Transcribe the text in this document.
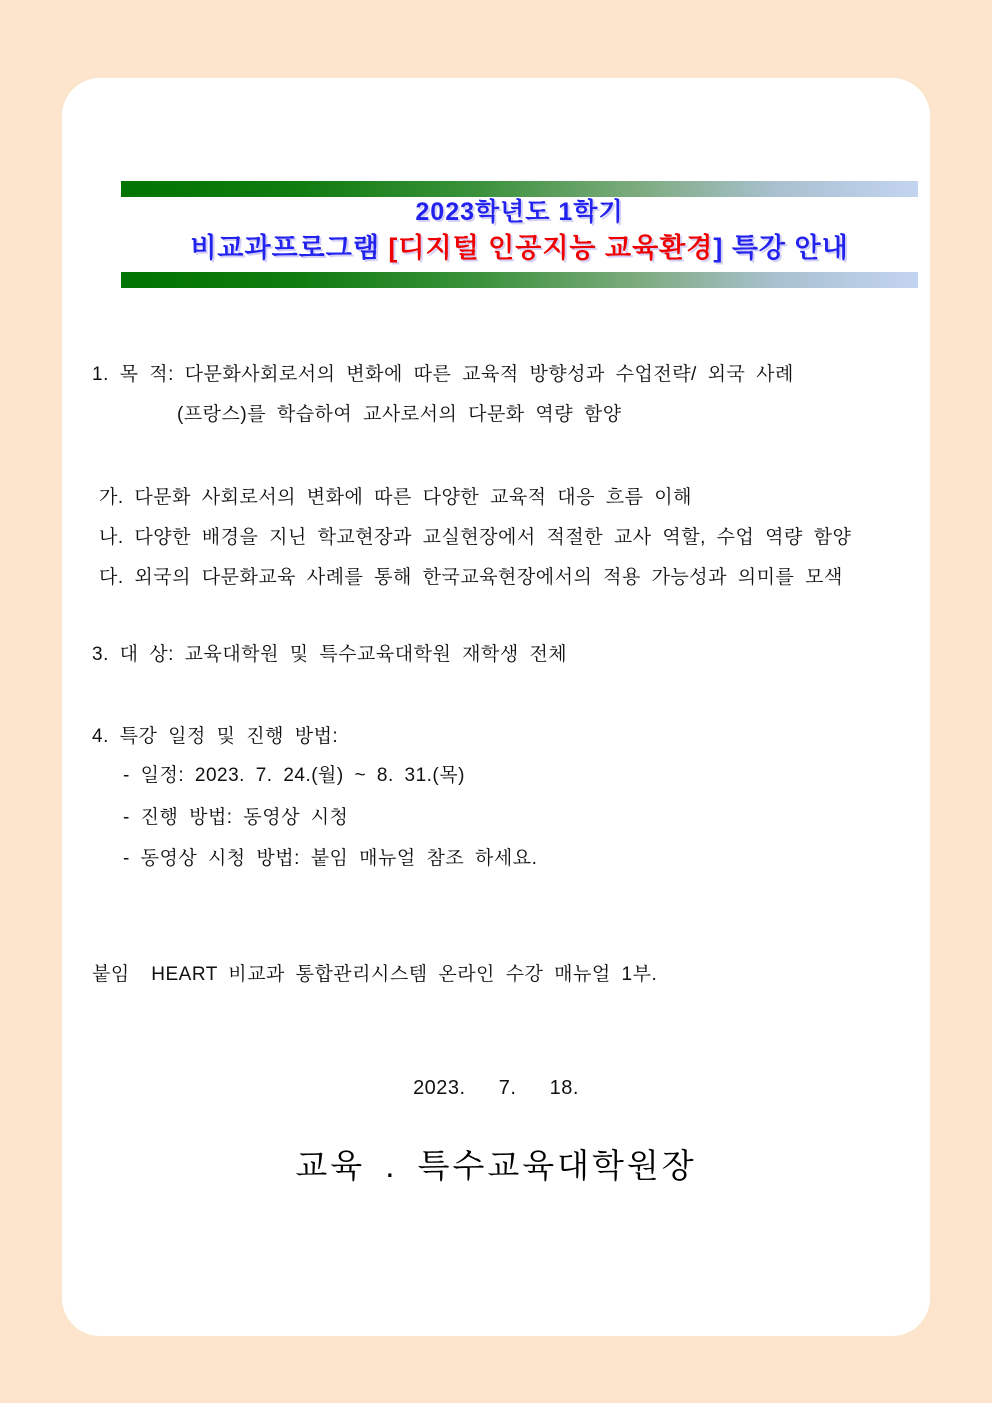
2023학년도 1학기
비교과프로그램 [디지털 인공지능 교육환경] 특강 안내
1. 목 적: 다문화사회로서의 변화에 따른 교육적 방향성과 수업전략/ 외국 사례
(프랑스)를 학습하여 교사로서의 다문화 역량 함양
가. 다문화 사회로서의 변화에 따른 다양한 교육적 대응 흐름 이해
나. 다양한 배경을 지닌 학교현장과 교실현장에서 적절한 교사 역할, 수업 역량 함양
다. 외국의 다문화교육 사례를 통해 한국교육현장에서의 적용 가능성과 의미를 모색
3. 대 상: 교육대학원 및 특수교육대학원 재학생 전체
4. 특강 일정 및 진행 방법:
- 일정: 2023. 7. 24.(월) ~ 8. 31.(목)
- 진행 방법: 동영상 시청
- 동영상 시청 방법: 붙임 매뉴얼 참조 하세요.
붙임  HEART 비교과 통합관리시스템 온라인 수강 매뉴얼 1부.
2023.   7.   18.
교육 . 특수교육대학원장
